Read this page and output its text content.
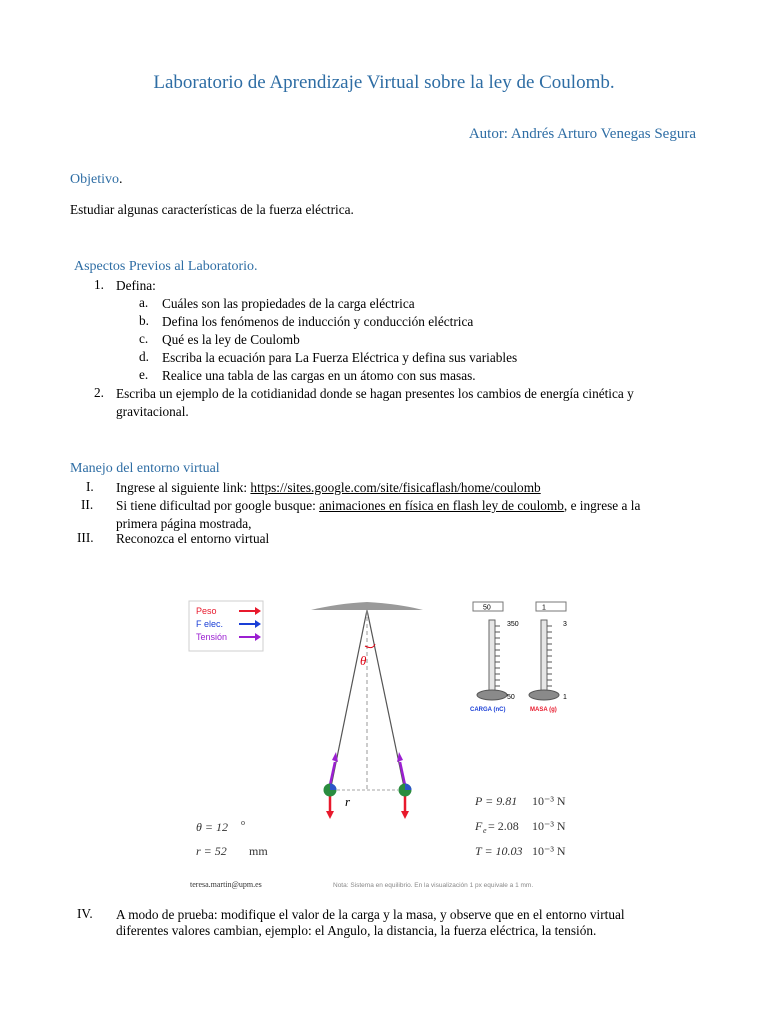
Laboratorio de Aprendizaje Virtual sobre la ley de Coulomb.
Autor: Andrés Arturo Venegas Segura
Objetivo.
Estudiar algunas características de la fuerza eléctrica.
Aspectos Previos al Laboratorio.
1. Defina:
a. Cuáles son las propiedades de la carga eléctrica
b. Defina los fenómenos de inducción y conducción eléctrica
c. Qué es la ley de Coulomb
d. Escriba la ecuación para La Fuerza Eléctrica y defina sus variables
e. Realice una tabla de las cargas en un átomo con sus masas.
2. Escriba un ejemplo de la cotidianidad donde se hagan presentes los cambios de energía cinética y
gravitacional.
Manejo del entorno virtual
I. Ingrese al siguiente link: https://sites.google.com/site/fisicaflash/home/coulomb
II. Si tiene dificultad por google busque: animaciones en física en flash ley de coulomb, e ingrese a la
primera página mostrada,
III. Reconozca el entorno virtual
Peso
F elec.
Tensión
θ
r
50
350
50
CARGA (nC)
1
3
1
MASA (g)
θ = 12 o
r = 52 mm
P = 9.81 10⁻³ N
F e = 2.08 10⁻³ N
T = 10.03 10⁻³ N
teresa.martin@upm.es	Nota: Sistema en equilibrio. En la visualización 1 px equivale a 1 mm.
IV. A modo de prueba: modifique el valor de la carga y la masa, y observe que en el entorno virtual
diferentes valores cambian, ejemplo: el Angulo, la distancia, la fuerza eléctrica, la tensión.
